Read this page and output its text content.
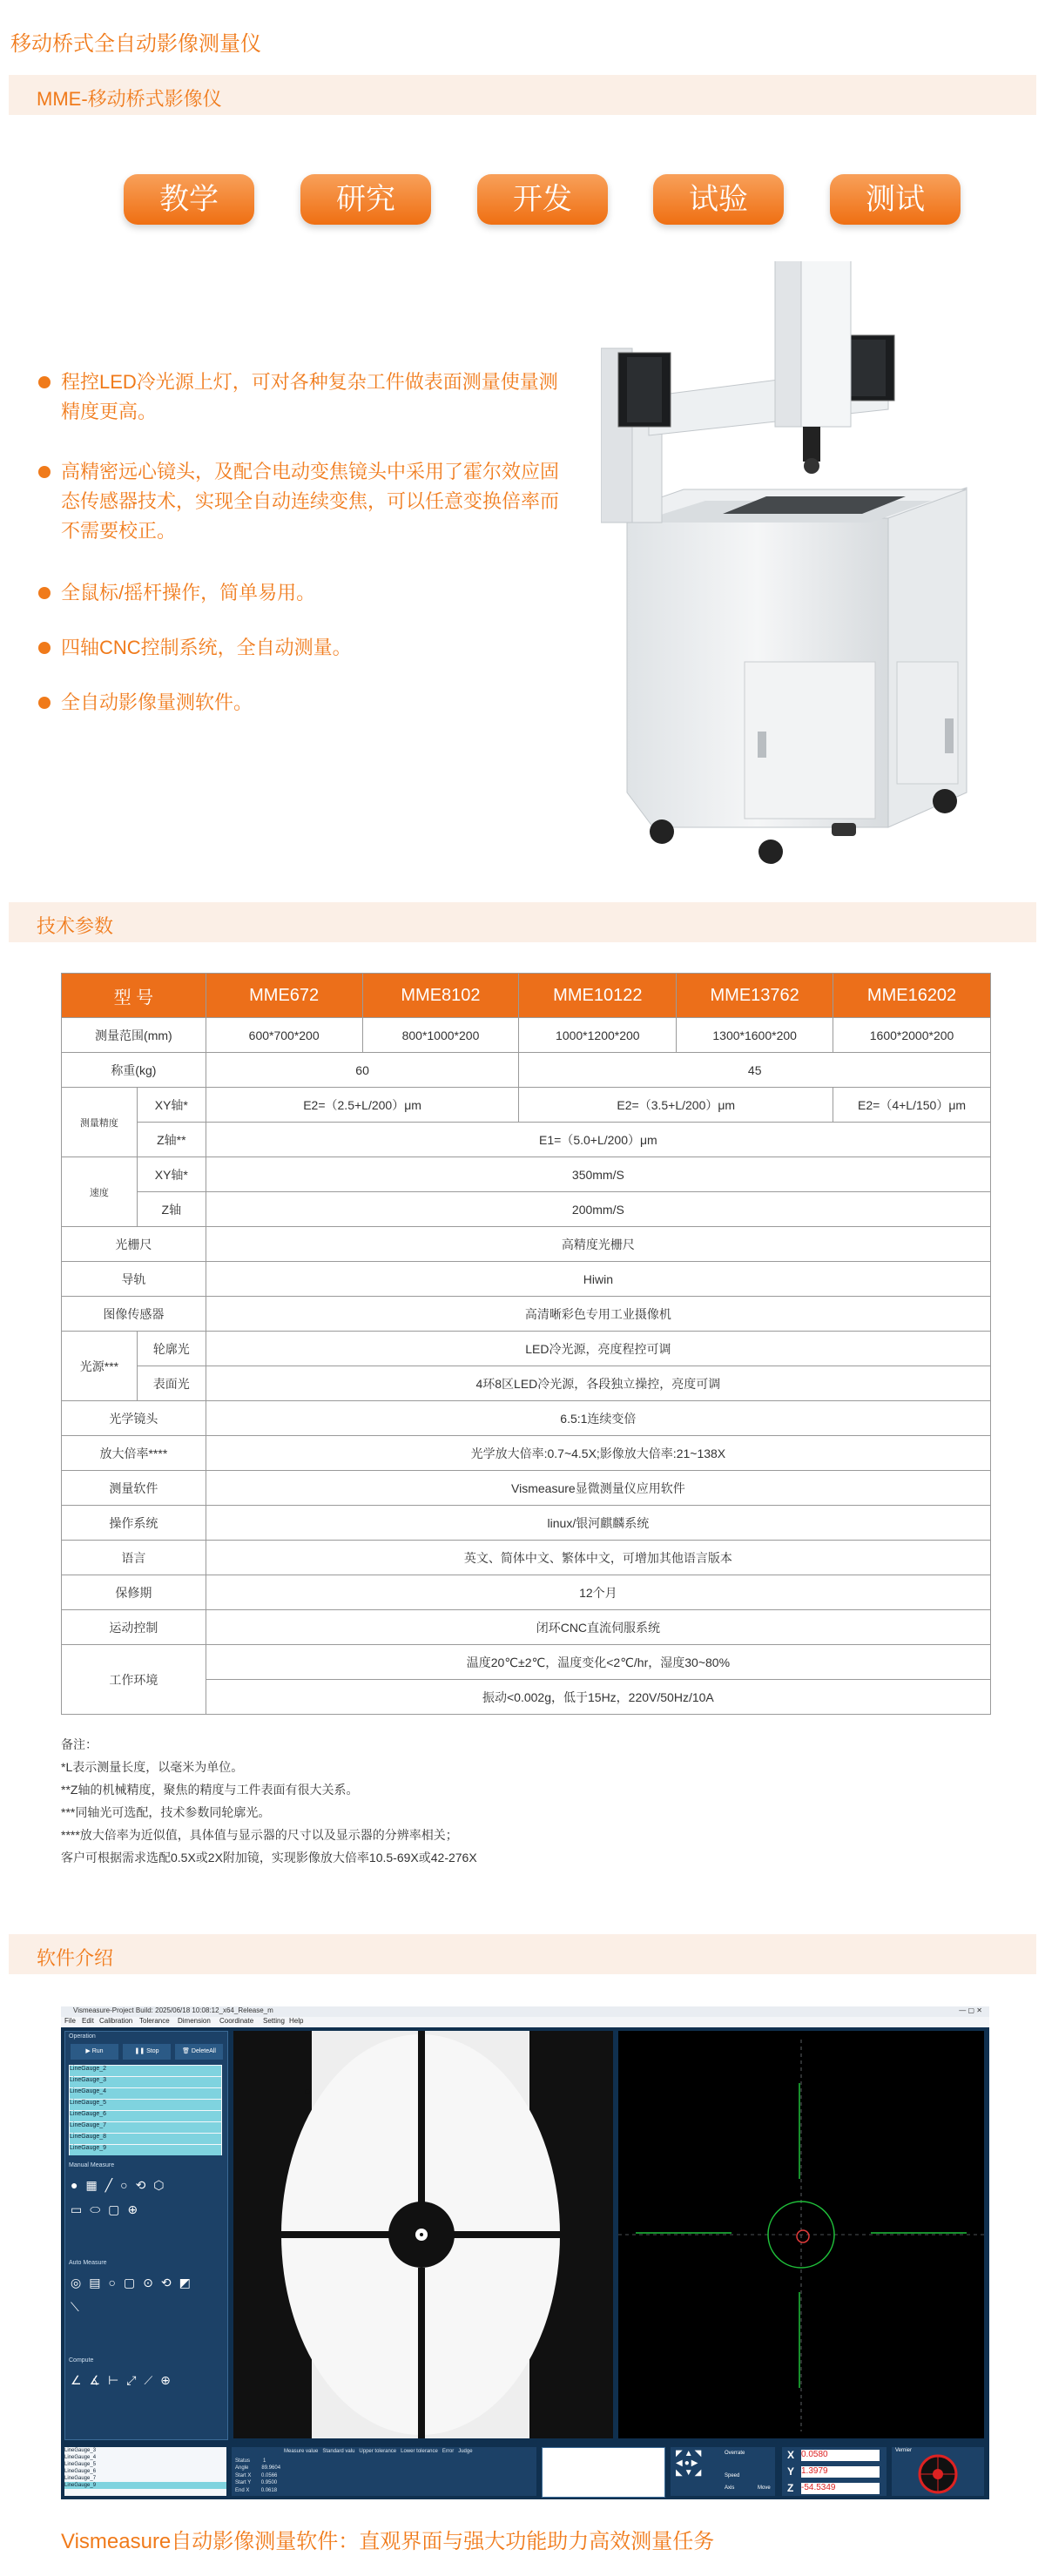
移动桥式全自动影像测量仪
MME-移动桥式影像仪
教学	研究	开发	试验	测试
程控LED冷光源上灯，可对各种复杂工件做表面测量使量测精度更高。
高精密远心镜头，及配合电动变焦镜头中采用了霍尔效应固态传感器技术，实现全自动连续变焦，可以任意变换倍率而不需要校正。
全鼠标/摇杆操作，简单易用。
四轴CNC控制系统，全自动测量。
全自动影像量测软件。
技术参数
型 号		MME672	MME8102	MME10122	MME13762	MME16202
测量范围(mm)		600*700*200	800*1000*200	1000*1200*200	1300*1600*200	1600*2000*200
称重(kg)		60		45		
测量精度	XY轴*	E2=（2.5+L/200）μm		E2=（3.5+L/200）μm		E2=（4+L/150）μm
	Z轴**	E1=（5.0+L/200）μm				
速度	XY轴*	350mm/S				
	Z轴	200mm/S				
光栅尺		高精度光栅尺				
导轨		Hiwin				
图像传感器		高清晰彩色专用工业摄像机				
光源***	轮廓光	LED冷光源，亮度程控可调				
	表面光	4环8区LED冷光源，各段独立操控，亮度可调				
光学镜头		6.5:1连续变倍				
放大倍率****		光学放大倍率:0.7~4.5X;影像放大倍率:21~138X				
测量软件		Vismeasure显微测量仪应用软件				
操作系统		linux/银河麒麟系统				
语言		英文、简体中文、繁体中文，可增加其他语言版本				
保修期		12个月				
运动控制		闭环CNC直流伺服系统				
工作环境		温度20℃±2℃，温度变化<2℃/hr，湿度30~80%				
		振动<0.002g，低于15Hz，220V/50Hz/10A				
备注：
*L表示测量长度，以毫米为单位。
**Z轴的机械精度，聚焦的精度与工件表面有很大关系。
***同轴光可选配，技术参数同轮廓光。
****放大倍率为近似值，具体值与显示器的尺寸以及显示器的分辨率相关；
客户可根据需求选配0.5X或2X附加镜，实现影像放大倍率10.5-69X或42-276X
软件介绍
Vismeasure-Project Build: 2025/06/18 10:08:12_x64_Release_m	— ▢ ✕
File Edit Calibration Tolerance Dimension Coordinate Setting Help
Operation
▶ Run	❚❚ Stop	🗑 DeleteAll
LineGauge_2
LineGauge_3
LineGauge_4
LineGauge_5
LineGauge_6
LineGauge_7
LineGauge_8
LineGauge_9
Manual Measure
●▦╱○⟲⬡
▭⬭▢⊕
Auto Measure
◎▤○▢⊙⟲◩
⟍
Compute
∠∡⊢⤢⟋⊕
LineGauge_3
LineGauge_4
LineGauge_5
LineGauge_6
LineGauge_7
LineGauge_9
Measure value Standard valu Upper tolerance Lower tolerance Error Judge
Status	1
Angle	89.9604
Start X 0.0566
Start Y 0.9500
End X 0.0618
◤▲◥
◀●▶
◣▼◢
Overrate
Speed
Axis	Move
X 0.0580
Y 1.3979
Z -54.5349
Vernier
Vismeasure自动影像测量软件：直观界面与强大功能助力高效测量任务
